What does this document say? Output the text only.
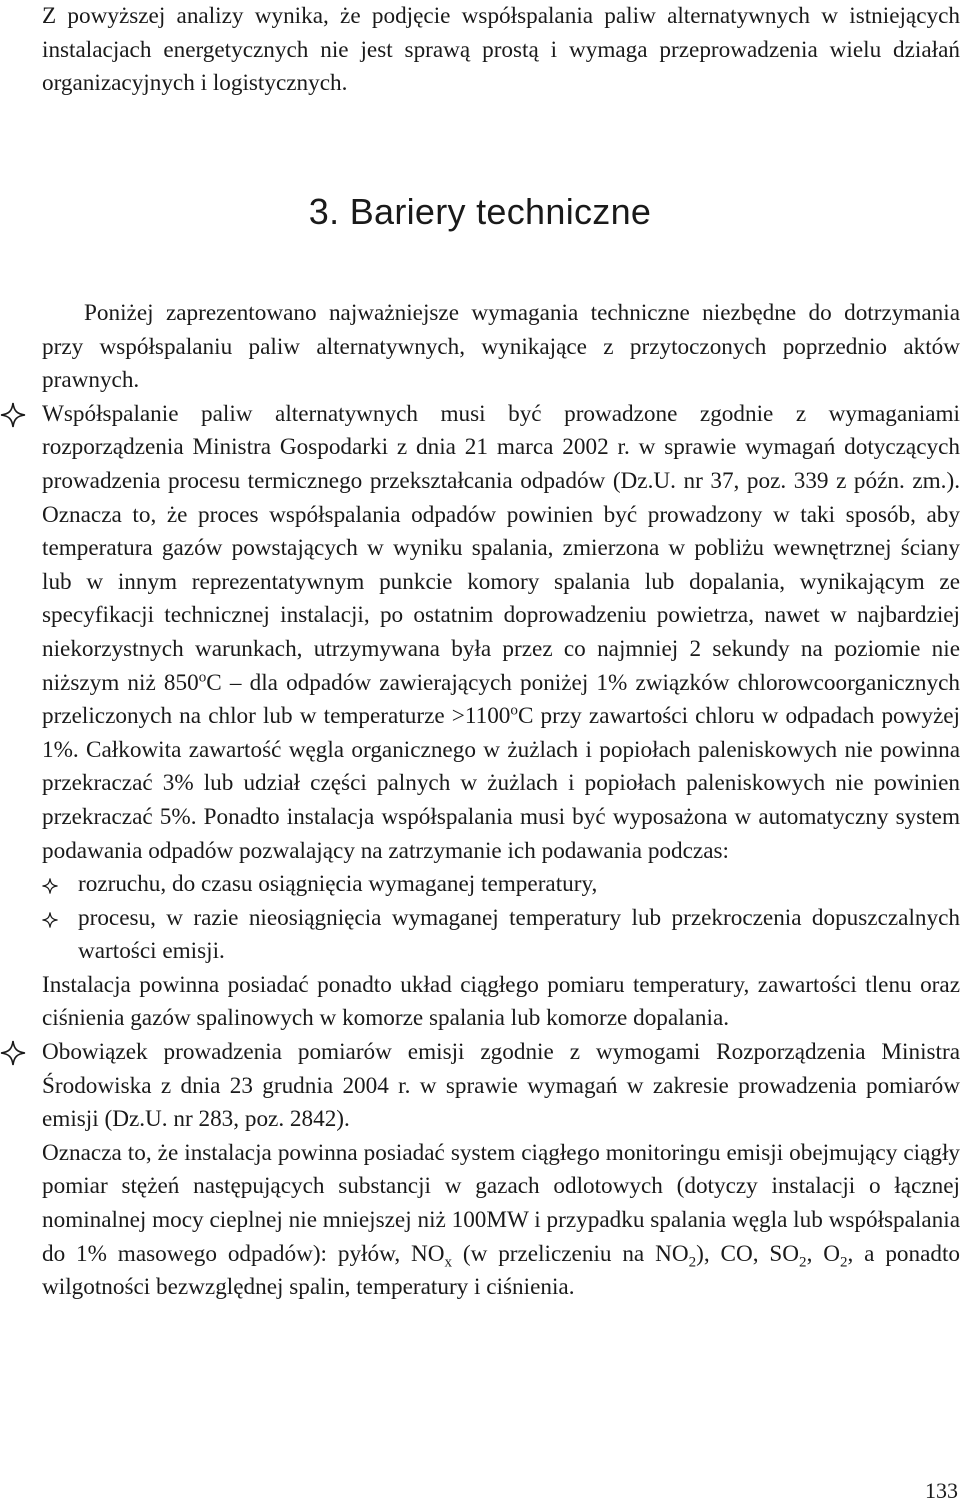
Z powyższej analizy wynika, że podjęcie współspalania paliw alternatywnych w istniejących instalacjach energetycznych nie jest sprawą prostą i wymaga przeprowadzenia wielu działań organizacyjnych i logistycznych.

3. Bariery techniczne

Poniżej zaprezentowano najważniejsze wymagania techniczne niezbędne do dotrzymania przy współspalaniu paliw alternatywnych, wynikające z przytoczonych poprzednio aktów prawnych.

Współspalanie paliw alternatywnych musi być prowadzone zgodnie z wymaganiami rozporządzenia Ministra Gospodarki z dnia 21 marca 2002 r. w sprawie wymagań dotyczących prowadzenia procesu termicznego przekształcania odpadów (Dz.U. nr 37, poz. 339 z późn. zm.). Oznacza to, że proces współspalania odpadów powinien być prowadzony w taki sposób, aby temperatura gazów powstających w wyniku spalania, zmierzona w pobliżu wewnętrznej ściany lub w innym reprezentatywnym punkcie komory spalania lub dopalania, wynikającym ze specyfikacji technicznej instalacji, po ostatnim doprowadzeniu powietrza, nawet w najbardziej niekorzystnych warunkach, utrzymywana była przez co najmniej 2 sekundy na poziomie nie niższym niż 850$^o$C – dla odpadów zawierających poniżej 1% związków chlorowcoorganicznych przeliczonych na chlor lub w temperaturze $>1100^oC$ przy zawartości chloru w odpadach powyżej 1%. Całkowita zawartość węgla organicznego w żużlach i popiołach paleniskowych nie powinna przekraczać 3% lub udział części palnych w żużlach i popiołach paleniskowych nie powinien przekraczać 5%. Ponadto instalacja współspalania musi być wyposażona w automatyczny system podawania odpadów pozwalający na zatrzymanie ich podawania podczas:

rozruchu, do czasu osiągnięcia wymaganej temperatury,

procesu, w razie nieosiągnięcia wymaganej temperatury lub przekroczenia dopuszczalnych wartości emisji.

Instalacja powinna posiadać ponadto układ ciągłego pomiaru temperatury, zawartości tlenu oraz ciśnienia gazów spalinowych w komorze spalania lub komorze dopalania.

Obowiązek prowadzenia pomiarów emisji zgodnie z wymogami Rozporządzenia Ministra Środowiska z dnia 23 grudnia 2004 r. w sprawie wymagań w zakresie prowadzenia pomiarów emisji (Dz.U. nr 283, poz. 2842).

Oznacza to, że instalacja powinna posiadać system ciągłego monitoringu emisji obejmujący ciągły pomiar stężeń następujących substancji w gazach odlotowych (dotyczy instalacji o łącznej nominalnej mocy cieplnej nie mniejszej niż 100MW i przypadku spalania węgla lub współspalania do 1% masowego odpadów): pyłów, $NO_x$ (w przeliczeniu na $NO_2$), CO, $SO_2$, $O_2$, a ponadto wilgotności bezwzględnej spalin, temperatury i ciśnienia.

133
